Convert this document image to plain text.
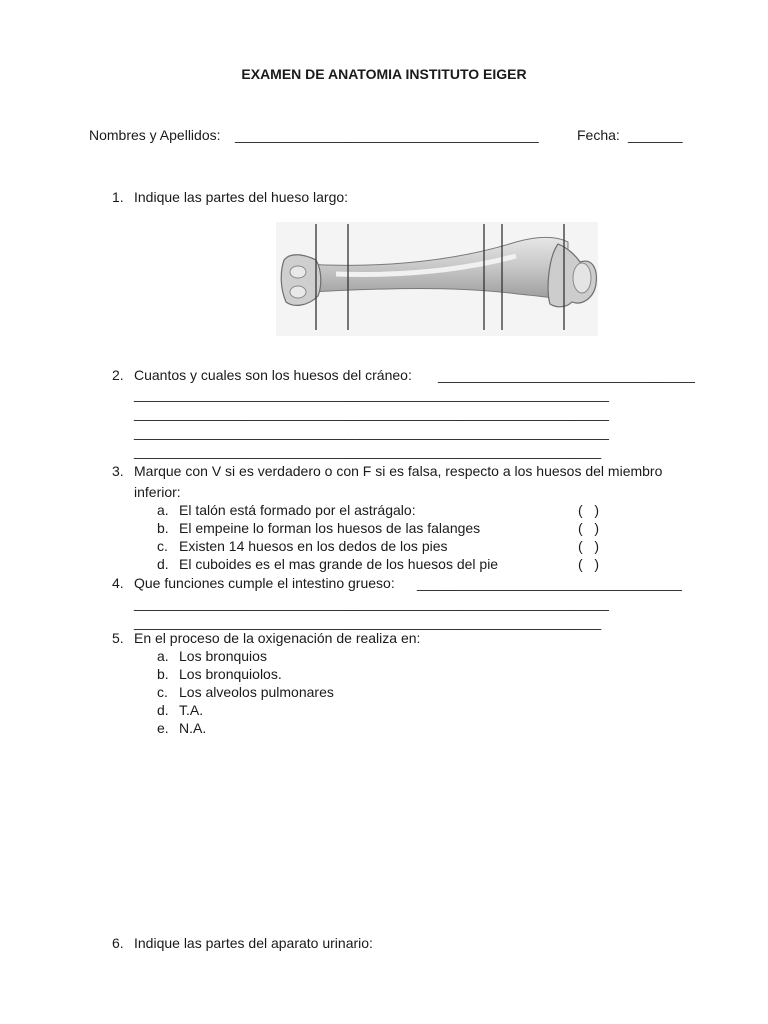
EXAMEN DE ANATOMIA INSTITUTO EIGER
Nombres y Apellidos: _______________________________________	Fecha: _______
1. Indique las partes del hueso largo:
2. Cuantos y cuales son los huesos del cráneo: _________________________________
_____________________________________________________________
_____________________________________________________________
_____________________________________________________________
____________________________________________________________
3. Marque con V si es verdadero o con F si es falsa, respecto a los huesos del miembro
inferior:
a. El talón está formado por el astrágalo:	(   )
b. El empeine lo forman los huesos de las falanges	(   )
c. Existen 14 huesos en los dedos de los pies	(   )
d. El cuboides es el mas grande de los huesos del pie	(   )
4. Que funciones cumple el intestino grueso: __________________________________
_____________________________________________________________
____________________________________________________________
5. En el proceso de la oxigenación de realiza en:
a. Los bronquios
b. Los bronquiolos.
c. Los alveolos pulmonares
d. T.A.
e. N.A.
6. Indique las partes del aparato urinario:
